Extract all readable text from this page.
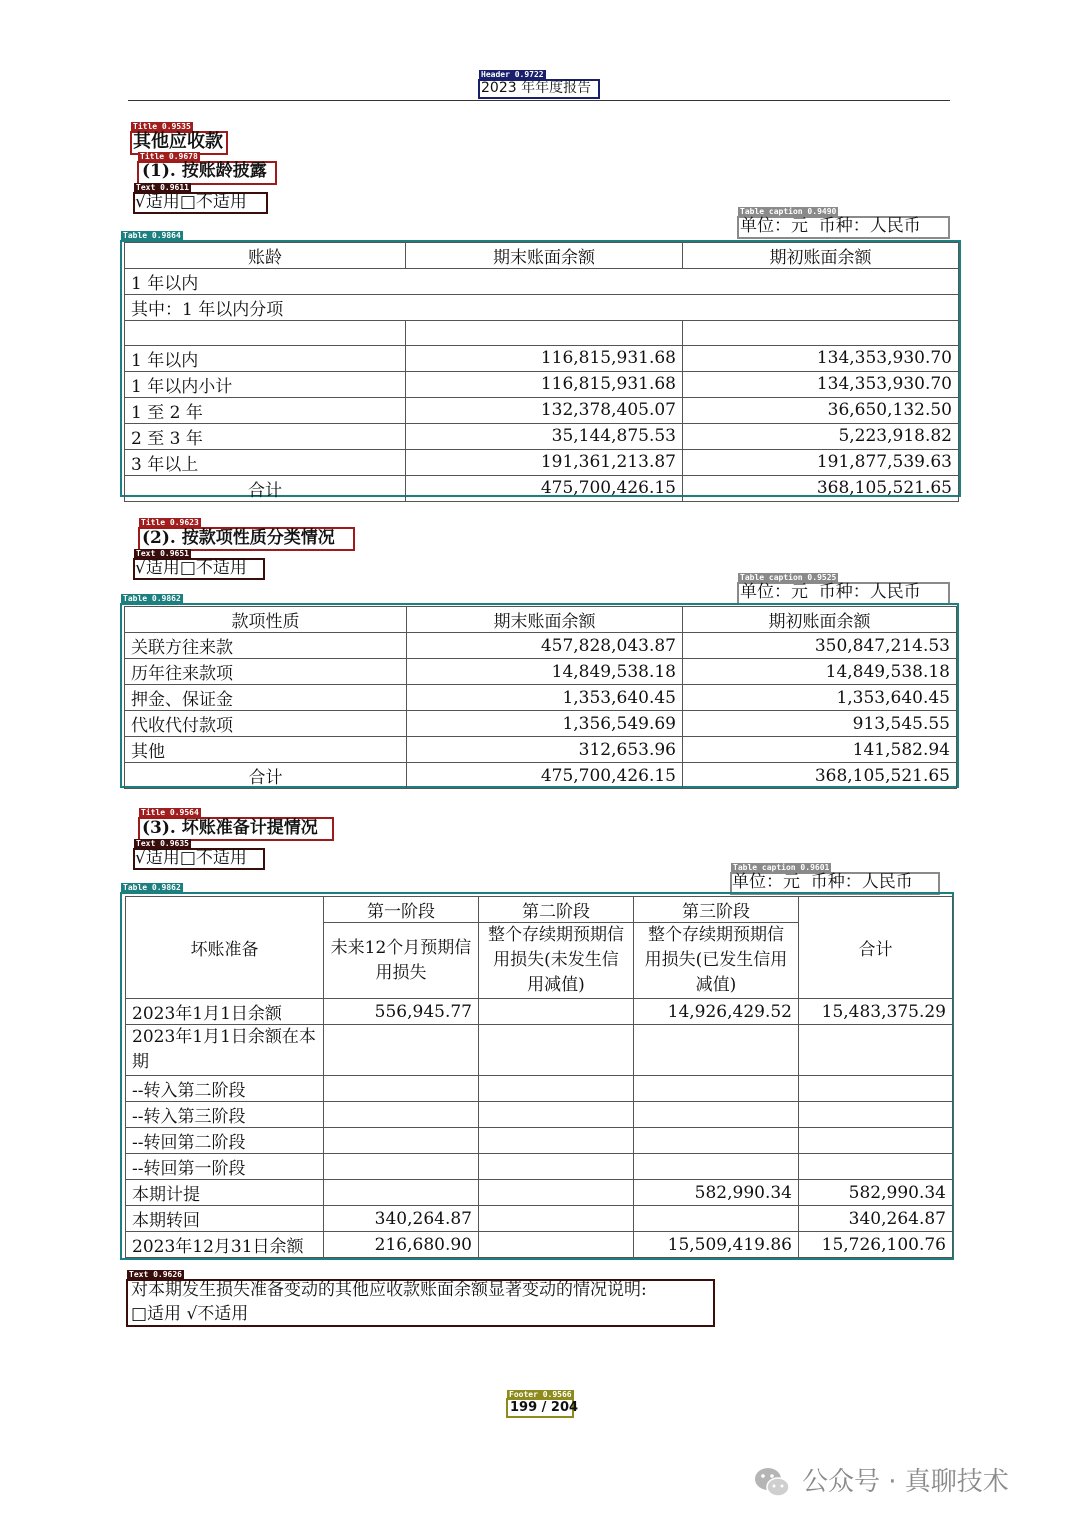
Header 0.9722
2023 年年度报告
Title 0.9535
其他应收款
Title 0.9678
(1). 按账龄披露
Text 0.9611
√适用□不适用	Table caption 0.9490
单位：元  币种：人民币
Table 0.9864
账龄	期末账面余额	期初账面余额
1 年以内		
其中：1 年以内分项		

1 年以内	116,815,931.68	134,353,930.70
1 年以内小计	116,815,931.68	134,353,930.70
1 至 2 年	132,378,405.07	36,650,132.50
2 至 3 年	35,144,875.53	5,223,918.82
3 年以上	191,361,213.87	191,877,539.63
合计	475,700,426.15	368,105,521.65
Title 0.9623
(2). 按款项性质分类情况
Text 0.9651
√适用□不适用	Table caption 0.9525
单位：元  币种：人民币
Table 0.9862
款项性质	期末账面余额	期初账面余额
关联方往来款	457,828,043.87	350,847,214.53
历年往来款项	14,849,538.18	14,849,538.18
押金、保证金	1,353,640.45	1,353,640.45
代收代付款项	1,356,549.69	913,545.55
其他	312,653.96	141,582.94
合计	475,700,426.15	368,105,521.65
Title 0.9564
(3). 坏账准备计提情况
Text 0.9635
√适用□不适用	Table caption 0.9601
单位：元  币种：人民币
Table 0.9862
坏账准备	第一阶段	第二阶段	第三阶段	合计
	未来12个月预期信用损失	整个存续期预期信用损失(未发生信用减值)	整个存续期预期信用损失(已发生信用减值)	
2023年1月1日余额	556,945.77		14,926,429.52	15,483,375.29
2023年1月1日余额在本期				
--转入第二阶段				
--转入第三阶段				
--转回第二阶段				
--转回第一阶段				
本期计提			582,990.34	582,990.34
本期转回	340,264.87			340,264.87
2023年12月31日余额	216,680.90		15,509,419.86	15,726,100.76
Text 0.9626
对本期发生损失准备变动的其他应收款账面余额显著变动的情况说明:
□适用 √不适用
Footer 0.9566
199 / 204
公众号 · 真聊技术
